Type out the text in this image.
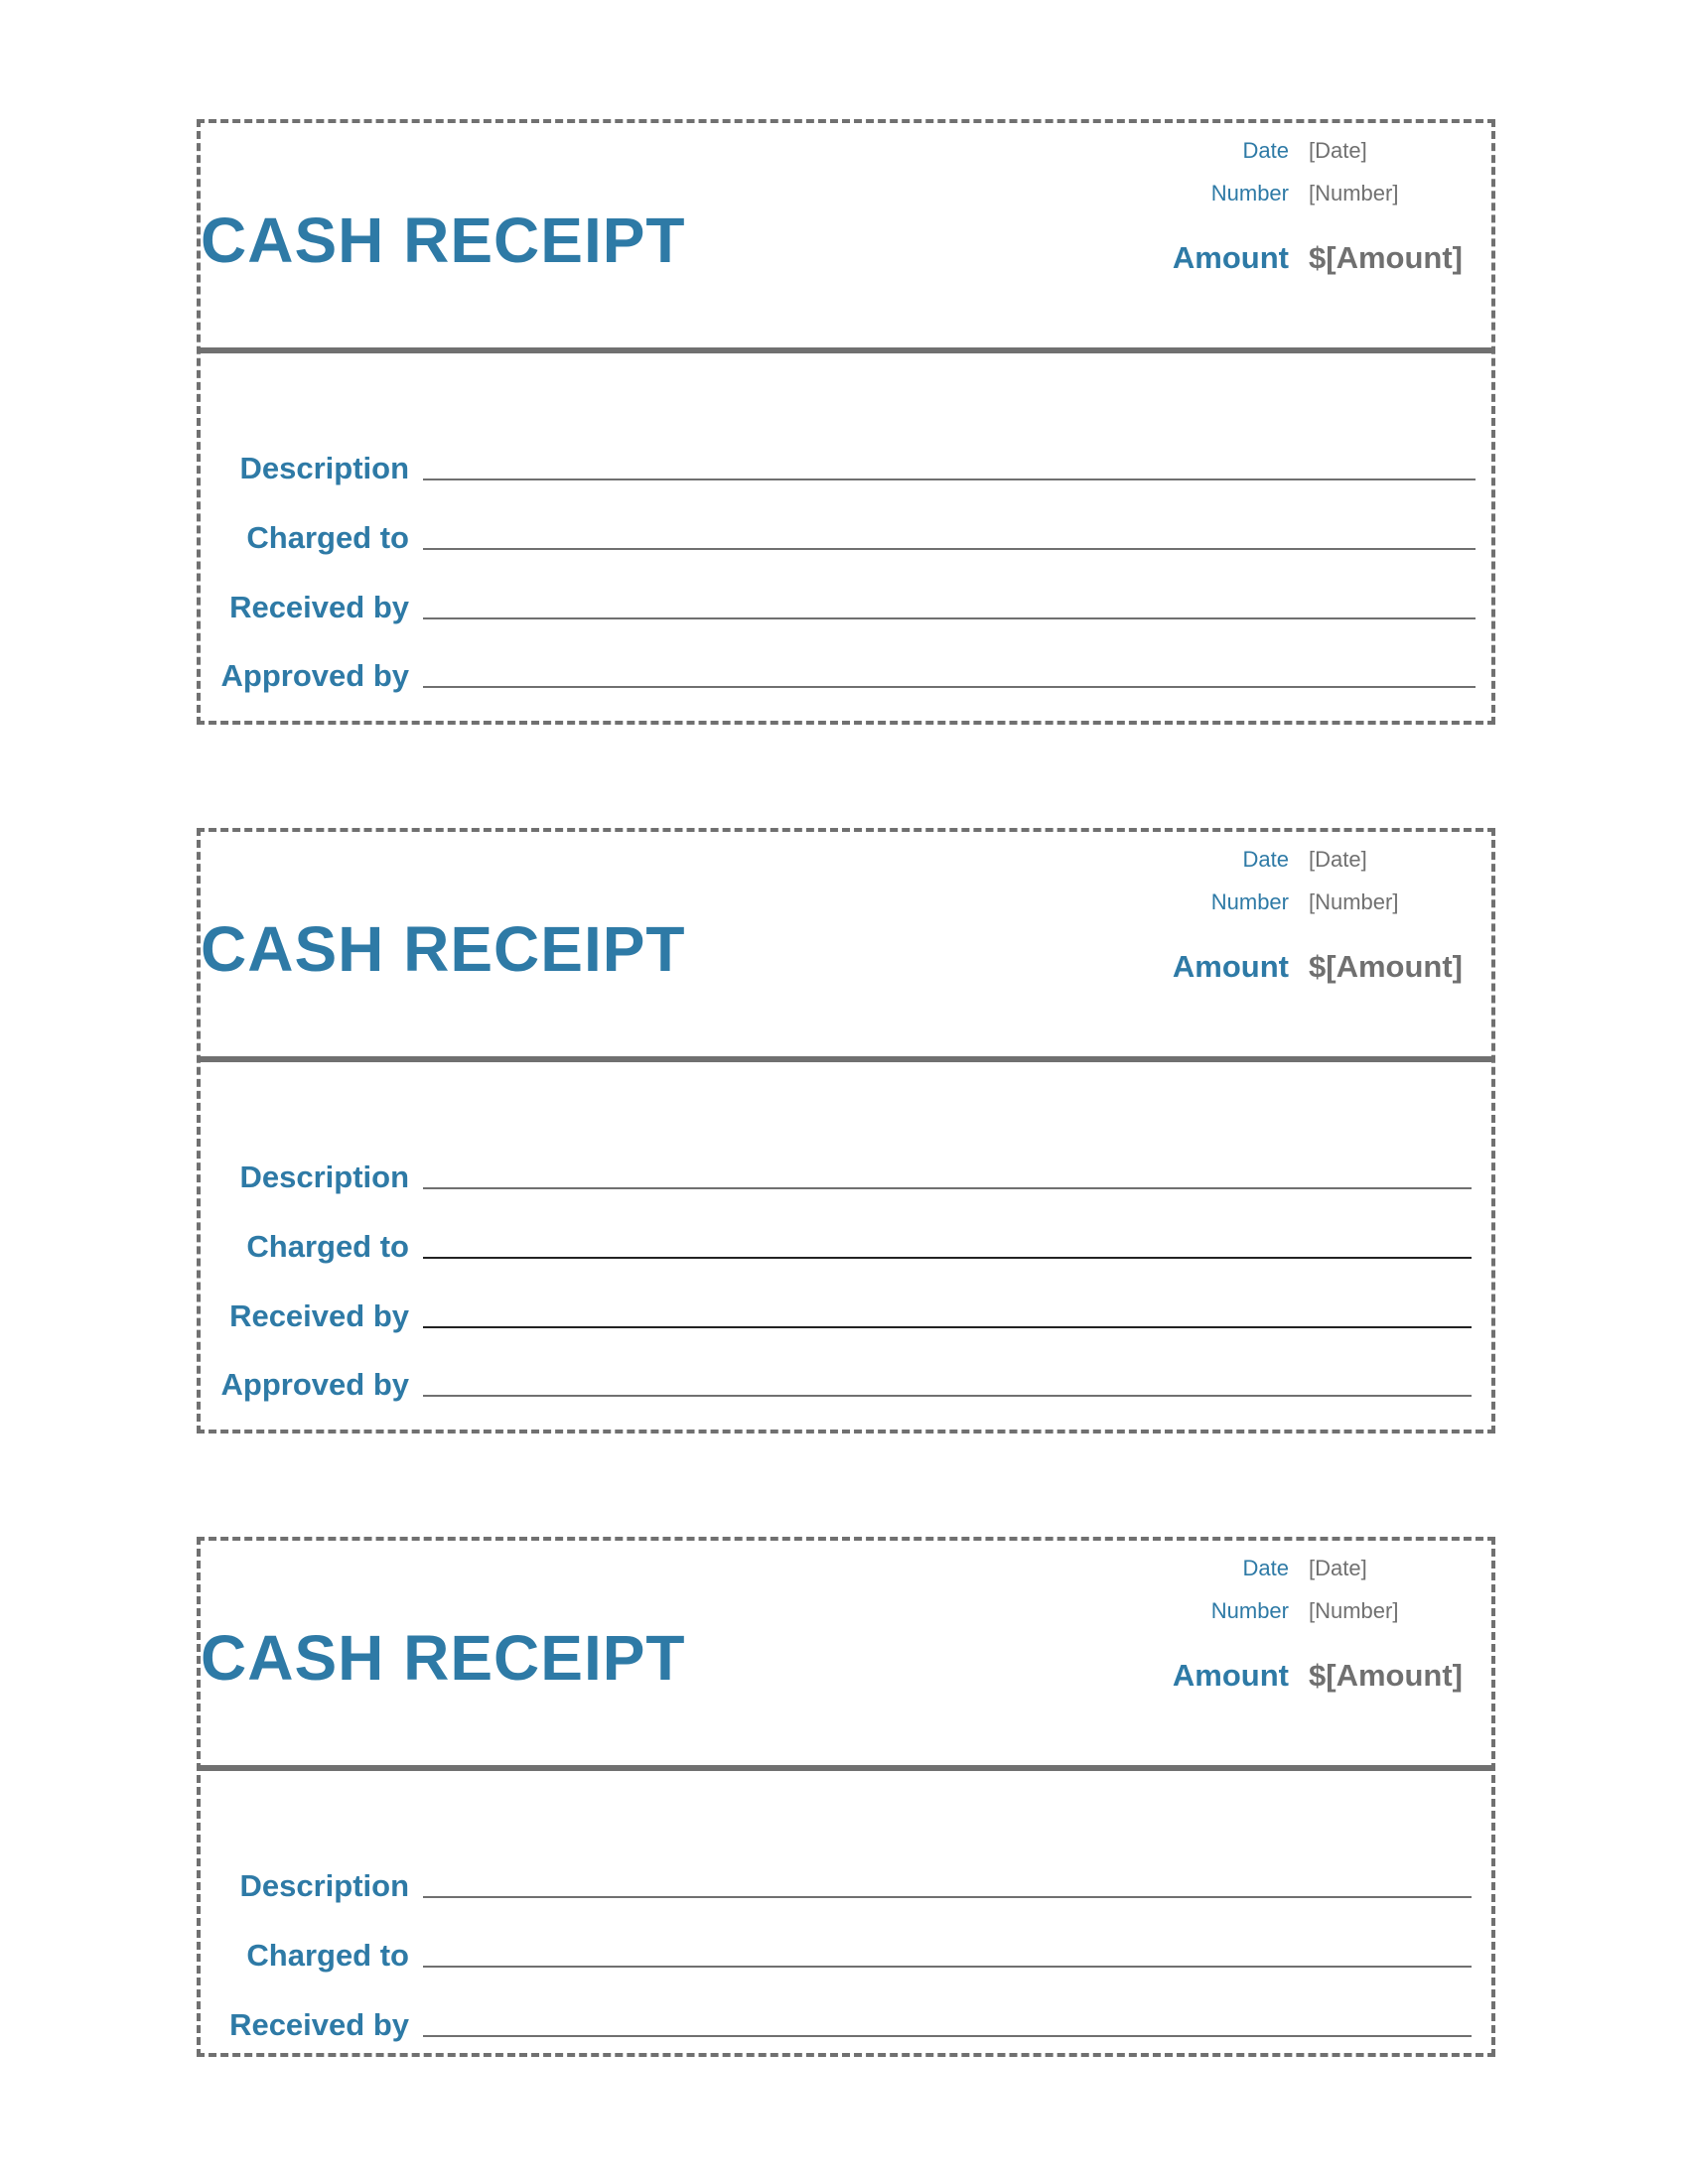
CASH RECEIPT
Date [Date]
Number [Number]
Amount $[Amount]
Description
Charged to
Received by
Approved by
CASH RECEIPT
Date [Date]
Number [Number]
Amount $[Amount]
Description
Charged to
Received by
Approved by
CASH RECEIPT
Date [Date]
Number [Number]
Amount $[Amount]
Description
Charged to
Received by
